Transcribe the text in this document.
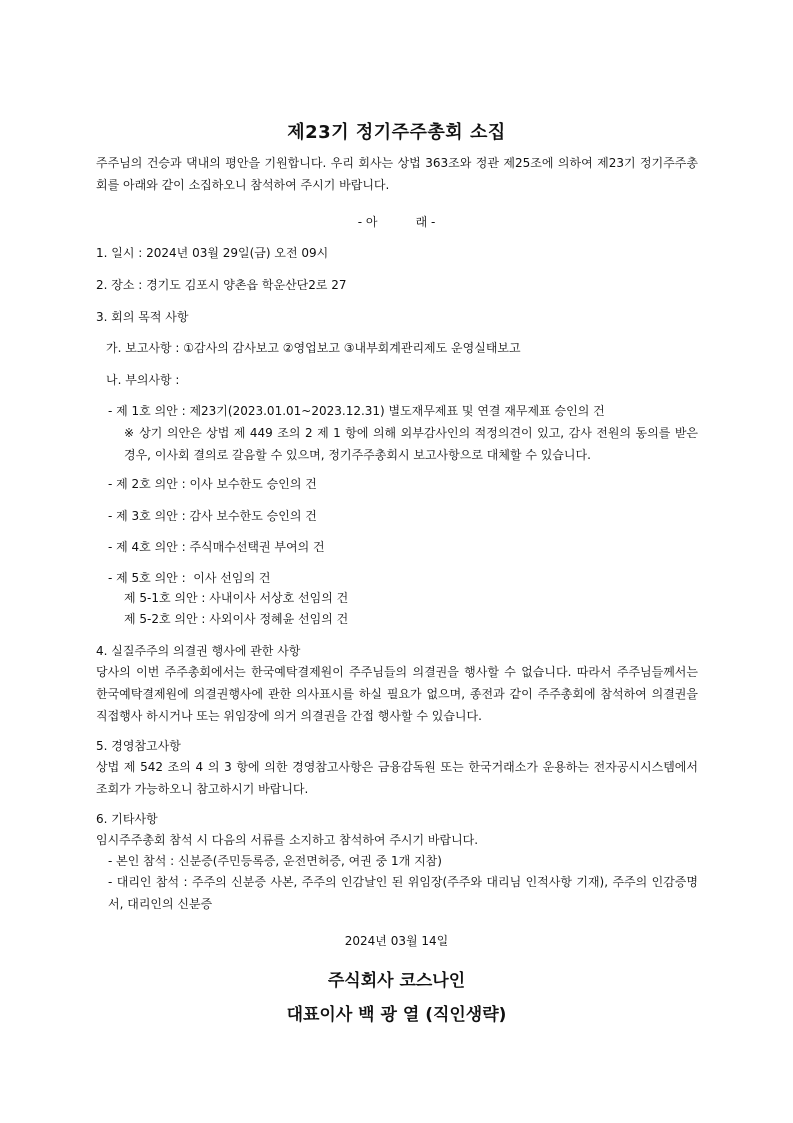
제23기 정기주주총회 소집
주주님의 건승과 댁내의 평안을 기원합니다. 우리 회사는 상법 363조와 정관 제25조에 의하여 제23기 정기주주총회를 아래와 같이 소집하오니 참석하여 주시기 바랍니다.
- 아          래 -
1. 일시 : 2024년 03월 29일(금) 오전 09시
2. 장소 : 경기도 김포시 양촌읍 학운산단2로 27
3. 회의 목적 사항
가. 보고사항 : ①감사의 감사보고 ②영업보고 ③내부회계관리제도 운영실태보고
나. 부의사항 :
- 제 1호 의안 : 제23기(2023.01.01~2023.12.31) 별도재무제표 및 연결 재무제표 승인의 건
※ 상기 의안은 상법 제 449 조의 2 제 1 항에 의해 외부감사인의 적정의견이 있고, 감사 전원의 동의를 받은 경우, 이사회 결의로 갈음할 수 있으며, 정기주주총회시 보고사항으로 대체할 수 있습니다.
- 제 2호 의안 : 이사 보수한도 승인의 건
- 제 3호 의안 : 감사 보수한도 승인의 건
- 제 4호 의안 : 주식매수선택권 부여의 건
- 제 5호 의안 :  이사 선임의 건
제 5-1호 의안 : 사내이사 서상호 선임의 건
제 5-2호 의안 : 사외이사 정혜윤 선임의 건
4. 실질주주의 의결권 행사에 관한 사항
당사의 이번 주주총회에서는 한국예탁결제원이 주주님들의 의결권을 행사할 수 없습니다. 따라서 주주님들께서는 한국예탁결제원에 의결권행사에 관한 의사표시를 하실 필요가 없으며, 종전과 같이 주주총회에 참석하여 의결권을 직접행사 하시거나 또는 위임장에 의거 의결권을 간접 행사할 수 있습니다.
5. 경영참고사항
상법 제 542 조의 4 의 3 항에 의한 경영참고사항은 금융감독원 또는 한국거래소가 운용하는 전자공시시스템에서 조회가 가능하오니 참고하시기 바랍니다.
6. 기타사항
임시주주총회 참석 시 다음의 서류를 소지하고 참석하여 주시기 바랍니다.
- 본인 참석 : 신분증(주민등록증, 운전면허증, 여권 중 1개 지참)
- 대리인 참석 : 주주의 신분증 사본, 주주의 인감날인 된 위임장(주주와 대리님 인적사항 기재), 주주의 인감증명서, 대리인의 신분증
2024년 03월 14일
주식회사 코스나인
대표이사 백 광 열 (직인생략)
